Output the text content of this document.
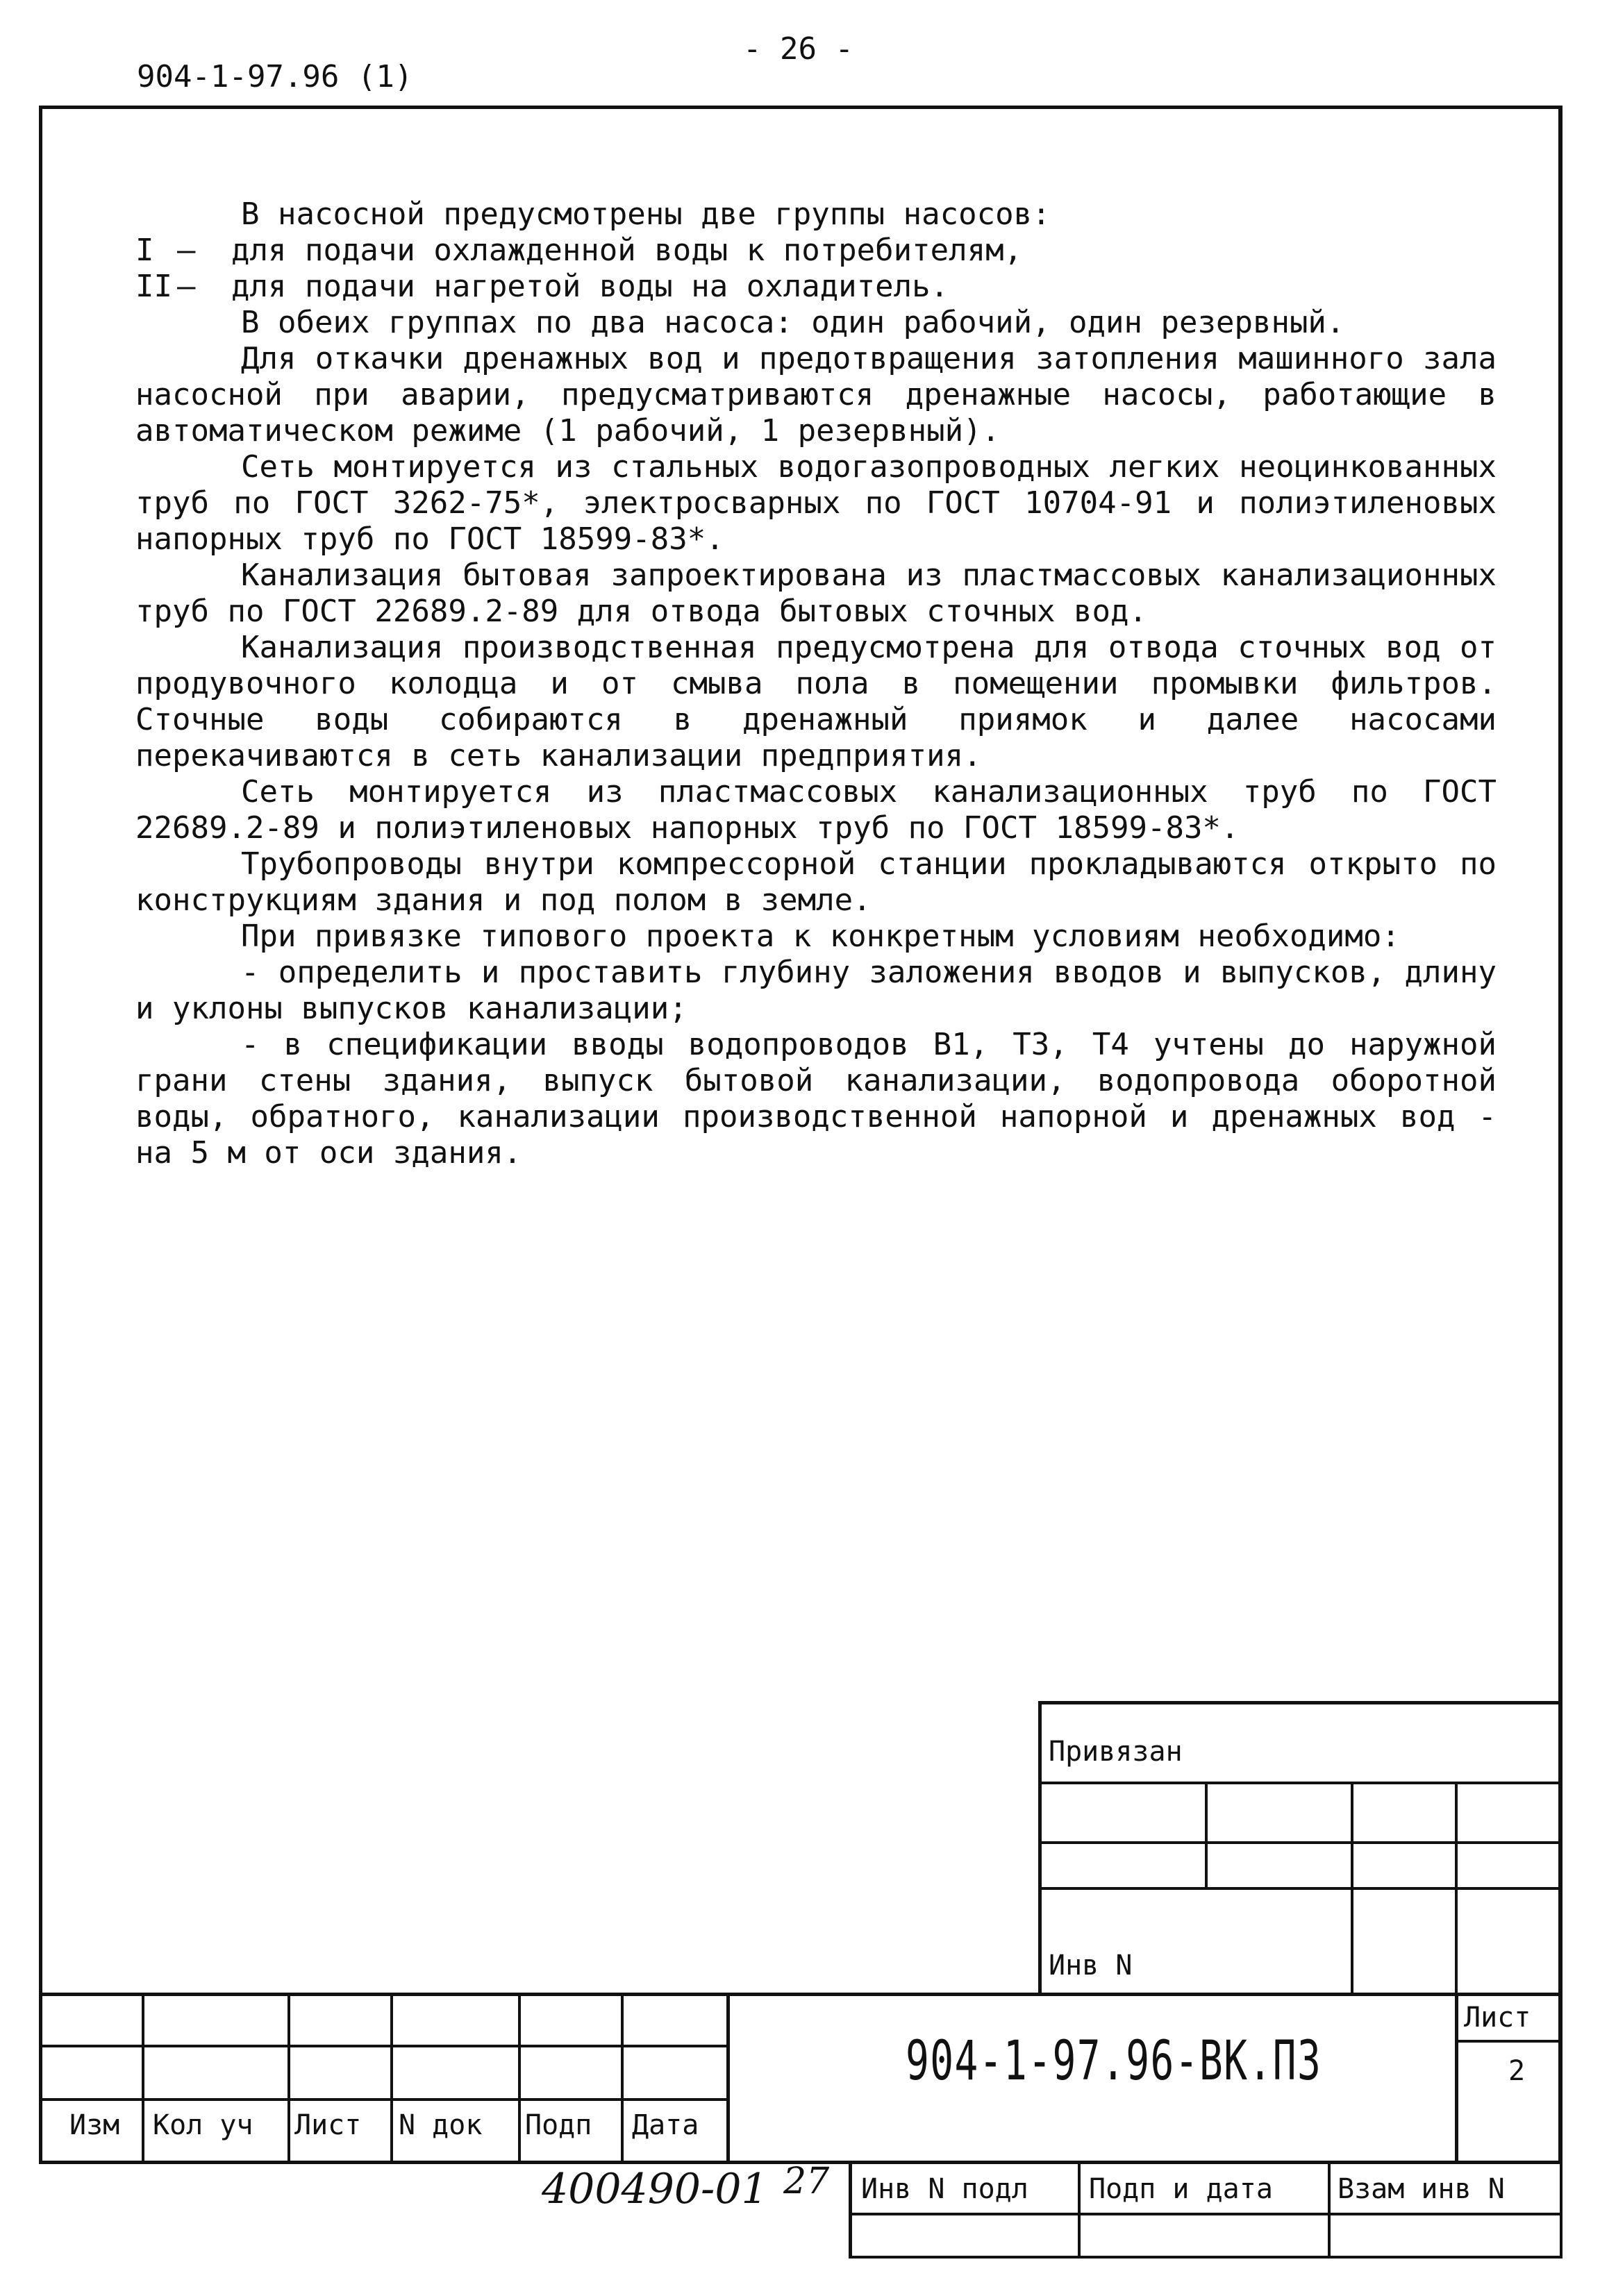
904-1-97.96 (1)
- 26 -

В насосной предусмотрены две группы насосов:

I – для подачи охлажденной воды к потребителям,
II – для подачи нагретой воды на охладитель.

В обеих группах по два насоса: один рабочий, один резервный.

Для откачки дренажных вод и предотвращения затопления машинного зала насосной при аварии, предусматриваются дренажные насосы, работающие в автоматическом режиме (1 рабочий, 1 резервный).

Сеть монтируется из стальных водогазопроводных легких неоцинкованных труб по ГОСТ 3262-75*, электросварных по ГОСТ 10704-91 и полиэтиленовых напорных труб по ГОСТ 18599-83*.

Канализация бытовая запроектирована из пластмассовых канализационных труб по ГОСТ 22689.2-89 для отвода бытовых сточных вод.

Канализация производственная предусмотрена для отвода сточных вод от продувочного колодца и от смыва пола в помещении промывки фильтров. Сточные воды собираются в дренажный приямок и далее насосами перекачиваются в сеть канализации предприятия.

Сеть монтируется из пластмассовых канализационных труб по ГОСТ 22689.2-89 и полиэтиленовых напорных труб по ГОСТ 18599-83*.

Трубопроводы внутри компрессорной станции прокладываются открыто по конструкциям здания и под полом в земле.

При привязке типового проекта к конкретным условиям необходимо:

- определить и проставить глубину заложения вводов и выпусков, длину и уклоны выпусков канализации;

- в спецификации вводы водопроводов В1, Т3, Т4 учтены до наружной грани стены здания, выпуск бытовой канализации, водопровода оборотной воды, обратного, канализации производственной напорной и дренажных вод - на 5 м от оси здания.

Привязан
Инв N
Изм Кол уч Лист N док Подп Дата
904-1-97.96-ВК.ПЗ
Лист
2
Инв N подл Подп и дата Взам инв N
400490-01 27
